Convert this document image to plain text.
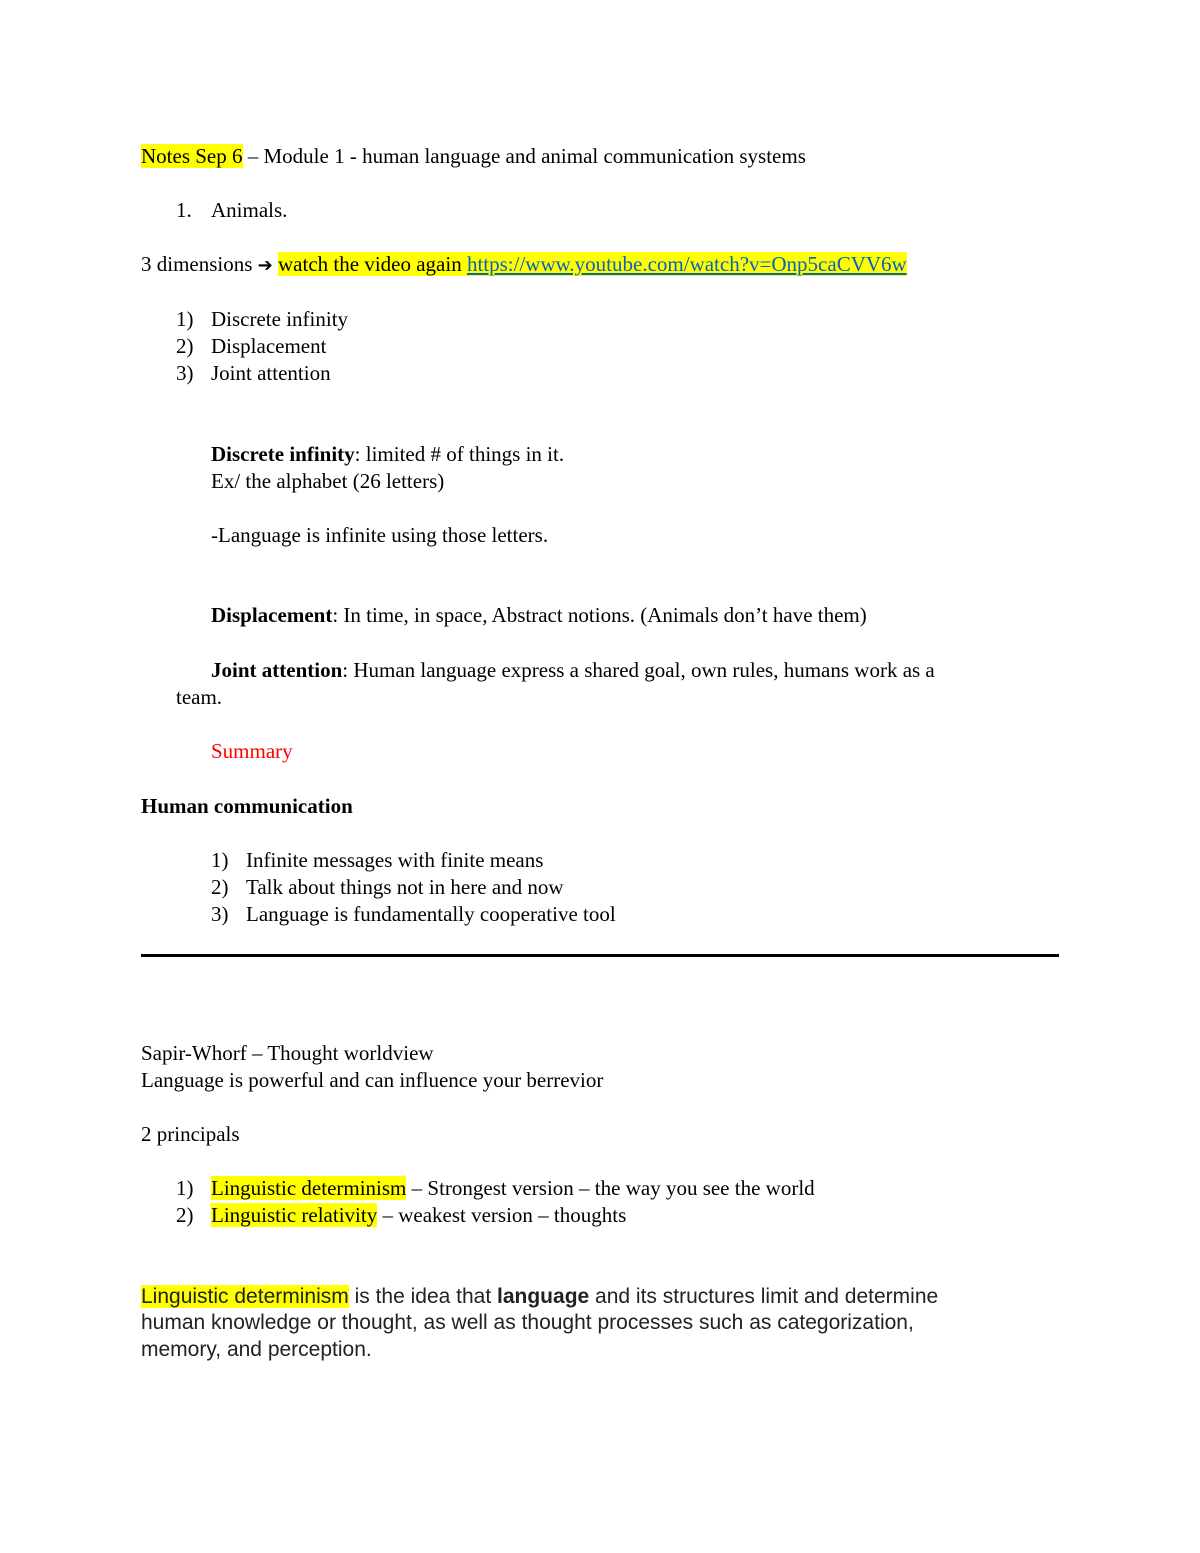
Notes Sep 6 – Module 1 - human language and animal communication systems
1. Animals.
3 dimensions ➔ watch the video again https://www.youtube.com/watch?v=Onp5caCVV6w
1) Discrete infinity
2) Displacement
3) Joint attention
Discrete infinity: limited # of things in it.
Ex/ the alphabet (26 letters)
-Language is infinite using those letters.
Displacement: In time, in space, Abstract notions. (Animals don’t have them)
Joint attention: Human language express a shared goal, own rules, humans work as a
team.
Summary
Human communication
1) Infinite messages with finite means
2) Talk about things not in here and now
3) Language is fundamentally cooperative tool
Sapir-Whorf – Thought worldview
Language is powerful and can influence your berrevior
2 principals
1) Linguistic determinism – Strongest version – the way you see the world
2) Linguistic relativity – weakest version – thoughts
Linguistic determinism is the idea that language and its structures limit and determine
human knowledge or thought, as well as thought processes such as categorization,
memory, and perception.
